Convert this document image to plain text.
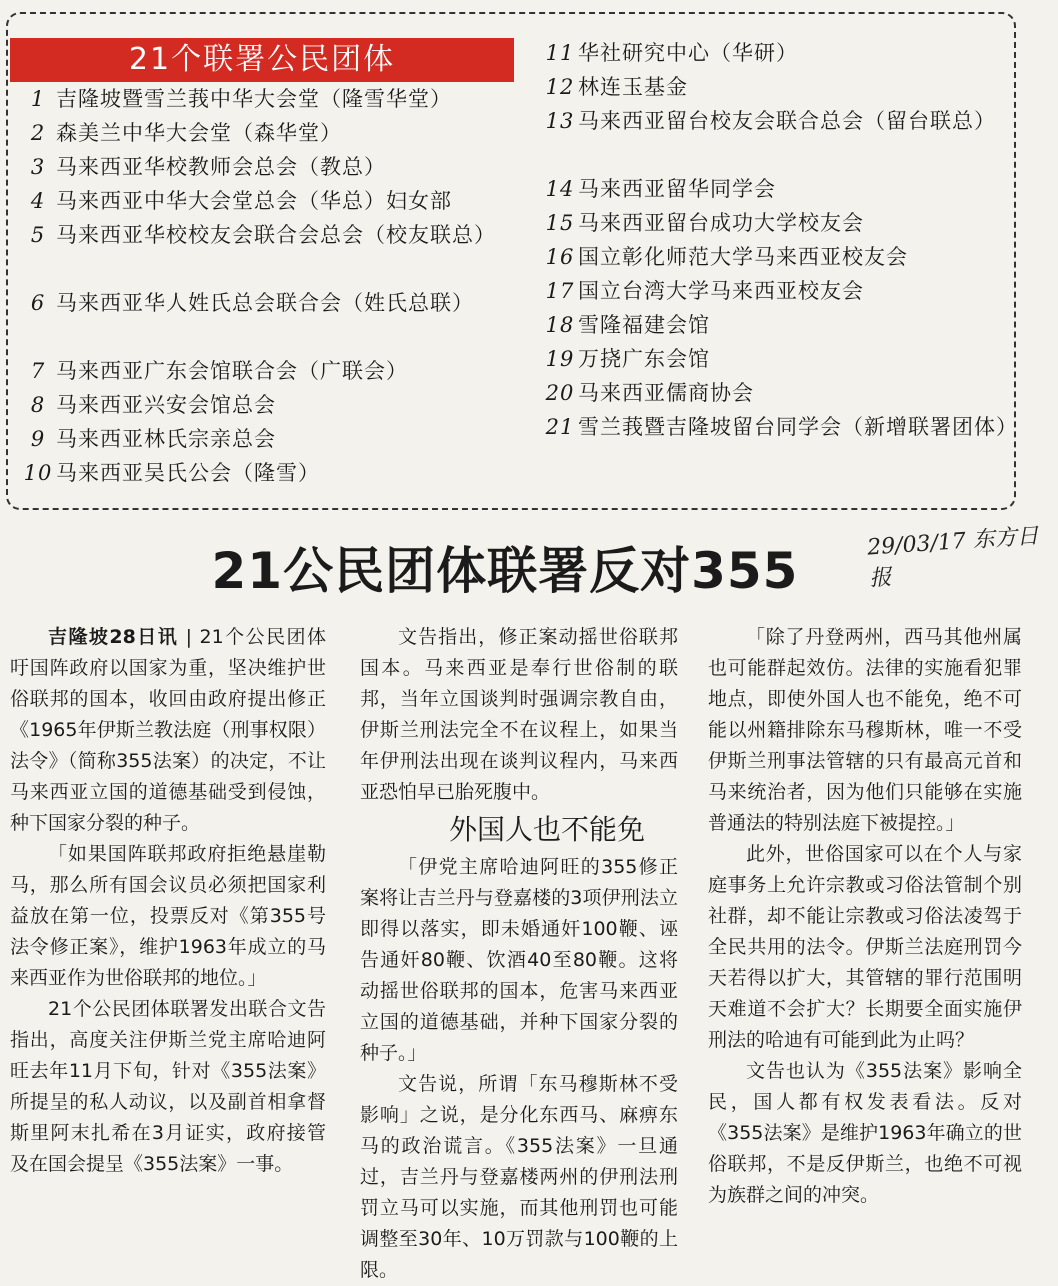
21个联署公民团体
1 吉隆坡暨雪兰莪中华大会堂（隆雪华堂）
2 森美兰中华大会堂（森华堂）
3 马来西亚华校教师会总会（教总）
4 马来西亚中华大会堂总会（华总）妇女部
5 马来西亚华校校友会联合会总会（校友联总）
6 马来西亚华人姓氏总会联合会（姓氏总联）
7 马来西亚广东会馆联合会（广联会）
8 马来西亚兴安会馆总会
9 马来西亚林氏宗亲总会
10 马来西亚吴氏公会（隆雪）
11 华社研究中心（华研）
12 林连玉基金
13 马来西亚留台校友会联合总会（留台联总）
14 马来西亚留华同学会
15 马来西亚留台成功大学校友会
16 国立彰化师范大学马来西亚校友会
17 国立台湾大学马来西亚校友会
18 雪隆福建会馆
19 万挠广东会馆
20 马来西亚儒商协会
21 雪兰莪暨吉隆坡留台同学会（新增联署团体）
29/03/17 东方日报
21公民团体联署反对355

吉隆坡28日讯 | 21个公民团体吁国阵政府以国家为重，坚决维护世俗联邦的国本，收回由政府提出修正《1965年伊斯兰教法庭（刑事权限）法令》（简称355法案）的决定，不让马来西亚立国的道德基础受到侵蚀，种下国家分裂的种子。

「如果国阵联邦政府拒绝悬崖勒马，那么所有国会议员必须把国家利益放在第一位，投票反对《第355号法令修正案》，维护1963年成立的马来西亚作为世俗联邦的地位。」

21个公民团体联署发出联合文告指出，高度关注伊斯兰党主席哈迪阿旺去年11月下旬，针对《355法案》所提呈的私人动议，以及副首相拿督斯里阿末扎希在3月证实，政府接管及在国会提呈《355法案》一事。

文告指出，修正案动摇世俗联邦国本。马来西亚是奉行世俗制的联邦，当年立国谈判时强调宗教自由，伊斯兰刑法完全不在议程上，如果当年伊刑法出现在谈判议程内，马来西亚恐怕早已胎死腹中。

外国人也不能免

「伊党主席哈迪阿旺的355修正案将让吉兰丹与登嘉楼的3项伊刑法立即得以落实，即未婚通奸100鞭、诬告通奸80鞭、饮酒40至80鞭。这将动摇世俗联邦的国本，危害马来西亚立国的道德基础，并种下国家分裂的种子。」

文告说，所谓「东马穆斯林不受影响」之说，是分化东西马、麻痹东马的政治谎言。《355法案》一旦通过，吉兰丹与登嘉楼两州的伊刑法刑罚立马可以实施，而其他刑罚也可能调整至30年、10万罚款与100鞭的上限。

「除了丹登两州，西马其他州属也可能群起效仿。法律的实施看犯罪地点，即使外国人也不能免，绝不可能以州籍排除东马穆斯林，唯一不受伊斯兰刑事法管辖的只有最高元首和马来统治者，因为他们只能够在实施普通法的特别法庭下被提控。」

此外，世俗国家可以在个人与家庭事务上允许宗教或习俗法管制个别社群，却不能让宗教或习俗法凌驾于全民共用的法令。伊斯兰法庭刑罚今天若得以扩大，其管辖的罪行范围明天难道不会扩大？长期要全面实施伊刑法的哈迪有可能到此为止吗？

文告也认为《355法案》影响全民，国人都有权发表看法。反对《355法案》是维护1963年确立的世俗联邦，不是反伊斯兰，也绝不可视为族群之间的冲突。
